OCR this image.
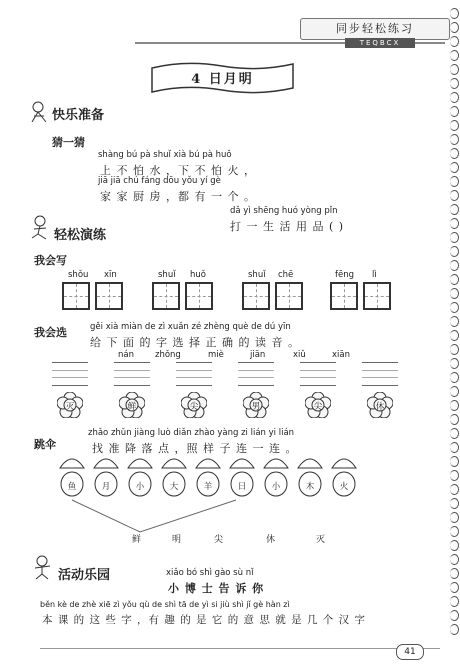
同步轻松练习
TEQBCX
4 日月明
快乐准备
猜一猜
shàng bú pà shuǐ xià bú pà huǒ
上 不 怕 水 ，下 不 怕 火 ，
jiā jiā chú fáng dōu yǒu yí gè
家 家 厨 房 ，都 有 一 个 。
dǎ yì shēng huó yòng pǐn
打 一 生 活 用 品 ( )
轻松演练
我会写
shǒu xīn	shuǐ huǒ	shuǐ chē	fēng lì
我会选	gěi xià miàn de zì xuǎn zé zhèng què de dú yīn
给 下 面 的 字 选 择 正 确 的 读 音 。
nán zhǒng	miè	jiān	xiǔ	xiān
灭	鲜	尖	男	尖	休
跳伞
zhǎo zhǔn jiàng luò diǎn zhào yàng zi lián yi lián
找 准 降 落 点 ，照 样 子 连 一 连 。
鱼	月	小	大	羊	日	小	木	火
鲜	明	尖	休	灭
活动乐园	xiǎo bó shì gào sù nǐ
小 博 士 告 诉 你
běn kè de zhè xiē zì yǒu qù de shì tā de yì si jiù shì jǐ gè hàn zì
本 课 的 这 些 字 ，有 趣 的 是 它 的 意 思 就 是 几 个 汉 字
41
